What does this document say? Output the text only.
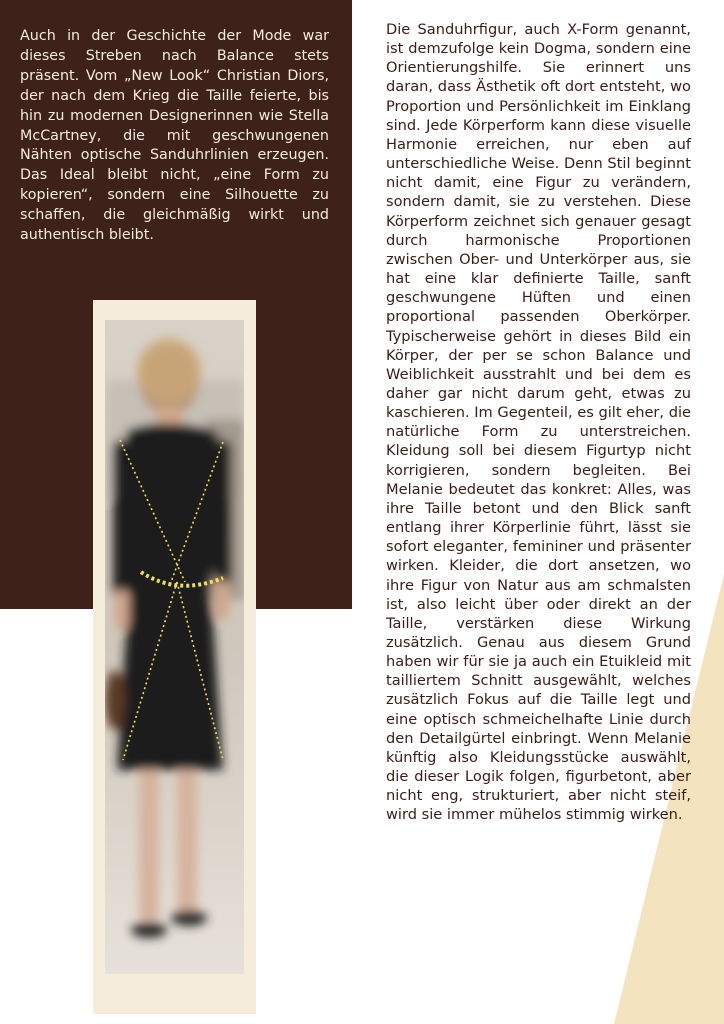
Auch in der Geschichte der Mode war dieses Streben nach Balance stets präsent. Vom „New Look“ Christian Diors, der nach dem Krieg die Taille feierte, bis hin zu modernen Designerinnen wie Stella McCartney, die mit geschwungenen Nähten optische Sanduhrlinien erzeugen. Das Ideal bleibt nicht, „eine Form zu kopieren“, sondern eine Silhouette zu schaffen, die gleichmäßig wirkt und authentisch bleibt.

Die Sanduhrfigur, auch X-Form genannt, ist demzufolge kein Dogma, sondern eine Orientierungshilfe. Sie erinnert uns daran, dass Ästhetik oft dort entsteht, wo Proportion und Persönlichkeit im Einklang sind. Jede Körperform kann diese visuelle Harmonie erreichen, nur eben auf unterschiedliche Weise. Denn Stil beginnt nicht damit, eine Figur zu verändern, sondern damit, sie zu verstehen. Diese Körperform zeichnet sich genauer gesagt durch harmonische Proportionen zwischen Ober- und Unterkörper aus, sie hat eine klar definierte Taille, sanft geschwungene Hüften und einen proportional passenden Oberkörper. Typischerweise gehört in dieses Bild ein Körper, der per se schon Balance und Weiblichkeit ausstrahlt und bei dem es daher gar nicht darum geht, etwas zu kaschieren. Im Gegenteil, es gilt eher, die natürliche Form zu unterstreichen. Kleidung soll bei diesem Figurtyp nicht korrigieren, sondern begleiten. Bei Melanie bedeutet das konkret: Alles, was ihre Taille betont und den Blick sanft entlang ihrer Körperlinie führt, lässt sie sofort eleganter, femininer und präsenter wirken. Kleider, die dort ansetzen, wo ihre Figur von Natur aus am schmalsten ist, also leicht über oder direkt an der Taille, verstärken diese Wirkung zusätzlich. Genau aus diesem Grund haben wir für sie ja auch ein Etuikleid mit tailliertem Schnitt ausgewählt, welches zusätzlich Fokus auf die Taille legt und eine optisch schmeichelhafte Linie durch den Detailgürtel einbringt. Wenn Melanie künftig also Kleidungsstücke auswählt, die dieser Logik folgen, figurbetont, aber nicht eng, strukturiert, aber nicht steif, wird sie immer mühelos stimmig wirken.
